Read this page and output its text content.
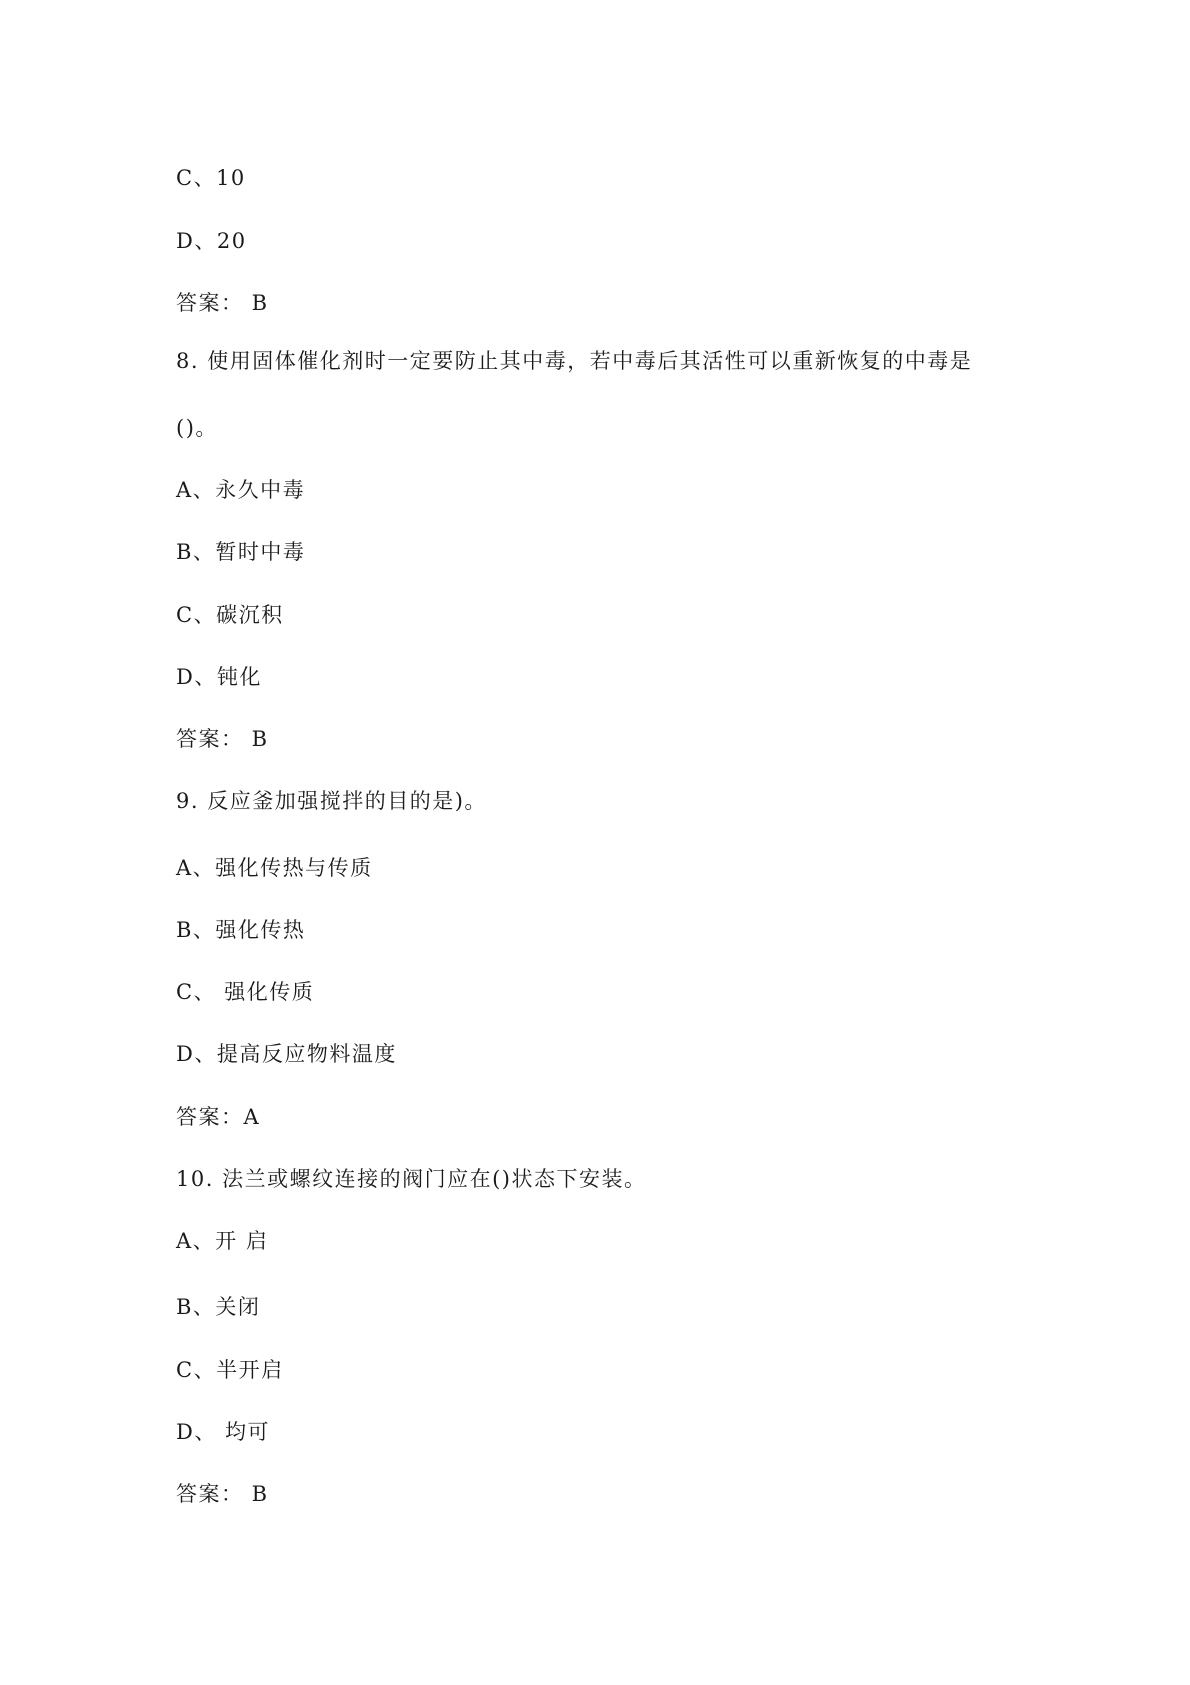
C、10
D、20
答案： B
8. 使用固体催化剂时一定要防止其中毒，若中毒后其活性可以重新恢复的中毒是
()。
A、永久中毒
B、暂时中毒
C、碳沉积
D、钝化
答案： B
9. 反应釜加强搅拌的目的是)。
A、强化传热与传质
B、强化传热
C、 强化传质
D、提高反应物料温度
答案：A
10. 法兰或螺纹连接的阀门应在()状态下安装。
A、开 启
B、关闭
C、半开启
D、 均可
答案： B
